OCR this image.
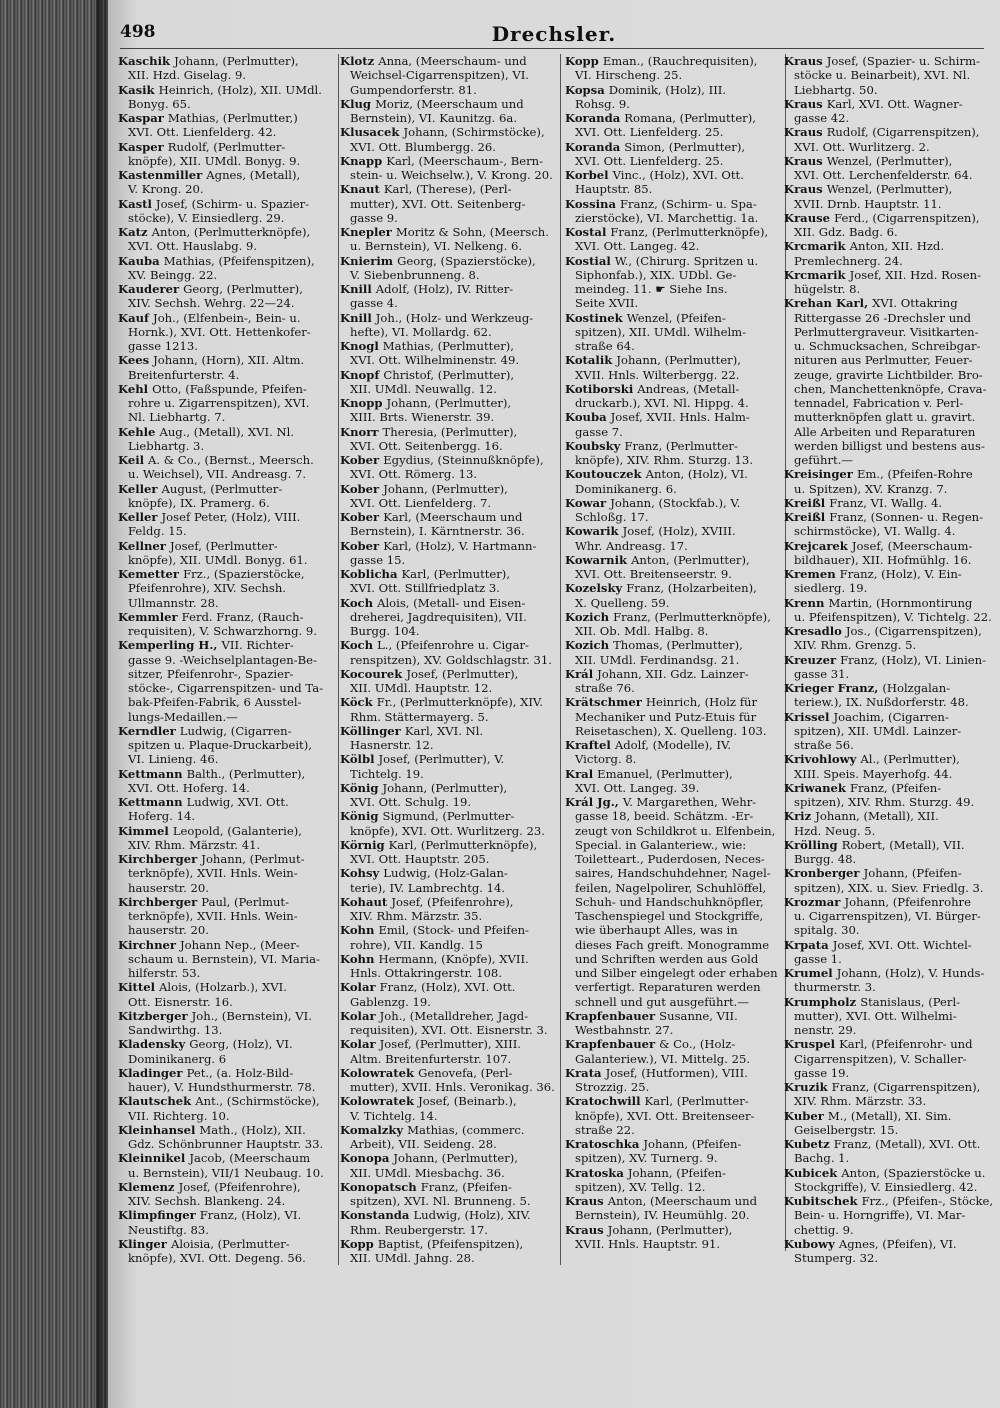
498	Drechsler.
Kaschik Johann, (Perlmutter),
XII. Hzd. Giselag. 9.
Kasik Heinrich, (Holz), XII. UMdl.
Bonyg. 65.
Kaspar Mathias, (Perlmutter,)
XVI. Ott. Lienfelderg. 42.
Kasper Rudolf, (Perlmutter-
knöpfe), XII. UMdl. Bonyg. 9.
Kastenmiller Agnes, (Metall),
V. Krong. 20.
Kastl Josef, (Schirm- u. Spazier-
stöcke), V. Einsiedlerg. 29.
Katz Anton, (Perlmutterknöpfe),
XVI. Ott. Hauslabg. 9.
Kauba Mathias, (Pfeifenspitzen),
XV. Beingg. 22.
Kauderer Georg, (Perlmutter),
XIV. Sechsh. Wehrg. 22—24.
Kauf Joh., (Elfenbein-, Bein- u.
Hornk.), XVI. Ott. Hettenkofer-
gasse 1213.
Kees Johann, (Horn), XII. Altm.
Breitenfurterstr. 4.
Kehl Otto, (Faßspunde, Pfeifen-
rohre u. Zigarrenspitzen), XVI.
Nl. Liebhartg. 7.
Kehle Aug., (Metall), XVI. Nl.
Liebhartg. 3.
Keil A. & Co., (Bernst., Meersch.
u. Weichsel), VII. Andreasg. 7.
Keller August, (Perlmutter-
knöpfe), IX. Pramerg. 6.
Keller Josef Peter, (Holz), VIII.
Feldg. 15.
Kellner Josef, (Perlmutter-
knöpfe), XII. UMdl. Bonyg. 61.
Kemetter Frz., (Spazierstöcke,
Pfeifenrohre), XIV. Sechsh.
Ullmannstr. 28.
Kemmler Ferd. Franz, (Rauch-
requisiten), V. Schwarzhorng. 9.
Kemperling H., VII. Richter-
gasse 9. -Weichselplantagen-Be-
sitzer, Pfeifenrohr-, Spazier-
stöcke-, Cigarrenspitzen- und Ta-
bak-Pfeifen-Fabrik, 6 Ausstel-
lungs-Medaillen.—
Kerndler Ludwig, (Cigarren-
spitzen u. Plaque-Druckarbeit),
VI. Linieng. 46.
Kettmann Balth., (Perlmutter),
XVI. Ott. Hoferg. 14.
Kettmann Ludwig, XVI. Ott.
Hoferg. 14.
Kimmel Leopold, (Galanterie),
XIV. Rhm. Märzstr. 41.
Kirchberger Johann, (Perlmut-
terknöpfe), XVII. Hnls. Wein-
hauserstr. 20.
Kirchberger Paul, (Perlmut-
terknöpfe), XVII. Hnls. Wein-
hauserstr. 20.
Kirchner Johann Nep., (Meer-
schaum u. Bernstein), VI. Maria-
hilferstr. 53.
Kittel Alois, (Holzarb.), XVI.
Ott. Eisnerstr. 16.
Kitzberger Joh., (Bernstein), VI.
Sandwirthg. 13.
Kladensky Georg, (Holz), VI.
Dominikanerg. 6
Kladinger Pet., (a. Holz-Bild-
hauer), V. Hundsthurmerstr. 78.
Klautschek Ant., (Schirmstöcke),
VII. Richterg. 10.
Kleinhansel Math., (Holz), XII.
Gdz. Schönbrunner Hauptstr. 33.
Kleinnikel Jacob, (Meerschaum
u. Bernstein), VII/1 Neubaug. 10.
Klemenz Josef, (Pfeifenrohre),
XIV. Sechsh. Blankeng. 24.
Klimpfinger Franz, (Holz), VI.
Neustiftg. 83.
Klinger Aloisia, (Perlmutter-
knöpfe), XVI. Ott. Degeng. 56.
Klotz Anna, (Meerschaum- und
Weichsel-Cigarrenspitzen), VI.
Gumpendorferstr. 81.
Klug Moriz, (Meerschaum und
Bernstein), VI. Kaunitzg. 6a.
Klusacek Johann, (Schirmstöcke),
XVI. Ott. Blumbergg. 26.
Knapp Karl, (Meerschaum-, Bern-
stein- u. Weichselw.), V. Krong. 20.
Knaut Karl, (Therese), (Perl-
mutter), XVI. Ott. Seitenberg-
gasse 9.
Knepler Moritz & Sohn, (Meersch.
u. Bernstein), VI. Nelkeng. 6.
Knierim Georg, (Spazierstöcke),
V. Siebenbrunneng. 8.
Knill Adolf, (Holz), IV. Ritter-
gasse 4.
Knill Joh., (Holz- und Werkzeug-
hefte), VI. Mollardg. 62.
Knogl Mathias, (Perlmutter),
XVI. Ott. Wilhelminenstr. 49.
Knopf Christof, (Perlmutter),
XII. UMdl. Neuwallg. 12.
Knopp Johann, (Perlmutter),
XIII. Brts. Wienerstr. 39.
Knorr Theresia, (Perlmutter),
XVI. Ott. Seitenbergg. 16.
Kober Egydius, (Steinnußknöpfe),
XVI. Ott. Römerg. 13.
Kober Johann, (Perlmutter),
XVI. Ott. Lienfelderg. 7.
Kober Karl, (Meerschaum und
Bernstein), I. Kärntnerstr. 36.
Kober Karl, (Holz), V. Hartmann-
gasse 15.
Koblicha Karl, (Perlmutter),
XVI. Ott. Stillfriedplatz 3.
Koch Alois, (Metall- und Eisen-
dreherei, Jagdrequisiten), VII.
Burgg. 104.
Koch L., (Pfeifenrohre u. Cigar-
renspitzen), XV. Goldschlagstr. 31.
Kocourek Josef, (Perlmutter),
XII. UMdl. Hauptstr. 12.
Köck Fr., (Perlmutterknöpfe), XIV.
Rhm. Stättermayerg. 5.
Köllinger Karl, XVI. Nl.
Hasnerstr. 12.
Kölbl Josef, (Perlmutter), V.
Tichtelg. 19.
König Johann, (Perlmutter),
XVI. Ott. Schulg. 19.
König Sigmund, (Perlmutter-
knöpfe), XVI. Ott. Wurlitzerg. 23.
Körnig Karl, (Perlmutterknöpfe),
XVI. Ott. Hauptstr. 205.
Kohsy Ludwig, (Holz-Galan-
terie), IV. Lambrechtg. 14.
Kohaut Josef, (Pfeifenrohre),
XIV. Rhm. Märzstr. 35.
Kohn Emil, (Stock- und Pfeifen-
rohre), VII. Kandlg. 15
Kohn Hermann, (Knöpfe), XVII.
Hnls. Ottakringerstr. 108.
Kolar Franz, (Holz), XVI. Ott.
Gablenzg. 19.
Kolar Joh., (Metalldreher, Jagd-
requisiten), XVI. Ott. Eisnerstr. 3.
Kolar Josef, (Perlmutter), XIII.
Altm. Breitenfurterstr. 107.
Kolowratek Genovefa, (Perl-
mutter), XVII. Hnls. Veronikag. 36.
Kolowratek Josef, (Beinarb.),
V. Tichtelg. 14.
Komalzky Mathias, (commerc.
Arbeit), VII. Seideng. 28.
Konopa Johann, (Perlmutter),
XII. UMdl. Miesbachg. 36.
Konopatsch Franz, (Pfeifen-
spitzen), XVI. Nl. Brunneng. 5.
Konstanda Ludwig, (Holz), XIV.
Rhm. Reubergerstr. 17.
Kopp Baptist, (Pfeifenspitzen),
XII. UMdl. Jahng. 28.
Kopp Eman., (Rauchrequisiten),
VI. Hirscheng. 25.
Kopsa Dominik, (Holz), III.
Rohsg. 9.
Koranda Romana, (Perlmutter),
XVI. Ott. Lienfelderg. 25.
Koranda Simon, (Perlmutter),
XVI. Ott. Lienfelderg. 25.
Korbel Vinc., (Holz), XVI. Ott.
Hauptstr. 85.
Kossina Franz, (Schirm- u. Spa-
zierstöcke), VI. Marchettig. 1a.
Kostal Franz, (Perlmutterknöpfe),
XVI. Ott. Langeg. 42.
Kostial W., (Chirurg. Spritzen u.
Siphonfab.), XIX. UDbl. Ge-
meindeg. 11. ☛ Siehe Ins.
Seite XVII.
Kostinek Wenzel, (Pfeifen-
spitzen), XII. UMdl. Wilhelm-
straße 64.
Kotalik Johann, (Perlmutter),
XVII. Hnls. Wilterbergg. 22.
Kotiborski Andreas, (Metall-
druckarb.), XVI. Nl. Hippg. 4.
Kouba Josef, XVII. Hnls. Halm-
gasse 7.
Koubsky Franz, (Perlmutter-
knöpfe), XIV. Rhm. Sturzg. 13.
Koutouczek Anton, (Holz), VI.
Dominikanerg. 6.
Kowar Johann, (Stockfab.), V.
Schloßg. 17.
Kowarik Josef, (Holz), XVIII.
Whr. Andreasg. 17.
Kowarnik Anton, (Perlmutter),
XVI. Ott. Breitenseerstr. 9.
Kozelsky Franz, (Holzarbeiten),
X. Quelleng. 59.
Kozich Franz, (Perlmutterknöpfe),
XII. Ob. Mdl. Halbg. 8.
Kozich Thomas, (Perlmutter),
XII. UMdl. Ferdinandsg. 21.
Král Johann, XII. Gdz. Lainzer-
straße 76.
Krätschmer Heinrich, (Holz für
Mechaniker und Putz-Etuis für
Reisetaschen), X. Quelleng. 103.
Kraftel Adolf, (Modelle), IV.
Victorg. 8.
Kral Emanuel, (Perlmutter),
XVI. Ott. Langeg. 39.
Král Jg., V. Margarethen, Wehr-
gasse 18, beeid. Schätzm. -Er-
zeugt von Schildkrot u. Elfenbein,
Special. in Galanteriew., wie:
Toiletteart., Puderdosen, Neces-
saires, Handschuhdehner, Nagel-
feilen, Nagelpolirer, Schuhlöffel,
Schuh- und Handschuhknöpfler,
Taschenspiegel und Stockgriffe,
wie überhaupt Alles, was in
dieses Fach greift. Monogramme
und Schriften werden aus Gold
und Silber eingelegt oder erhaben
verfertigt. Reparaturen werden
schnell und gut ausgeführt.—
Krapfenbauer Susanne, VII.
Westbahnstr. 27.
Krapfenbauer & Co., (Holz-
Galanteriew.), VI. Mittelg. 25.
Krata Josef, (Hutformen), VIII.
Strozzig. 25.
Kratochwill Karl, (Perlmutter-
knöpfe), XVI. Ott. Breitenseer-
straße 22.
Kratoschka Johann, (Pfeifen-
spitzen), XV. Turnerg. 9.
Kratoska Johann, (Pfeifen-
spitzen), XV. Tellg. 12.
Kraus Anton, (Meerschaum und
Bernstein), IV. Heumühlg. 20.
Kraus Johann, (Perlmutter),
XVII. Hnls. Hauptstr. 91.
Kraus Josef, (Spazier- u. Schirm-
stöcke u. Beinarbeit), XVI. Nl.
Liebhartg. 50.
Kraus Karl, XVI. Ott. Wagner-
gasse 42.
Kraus Rudolf, (Cigarrenspitzen),
XVI. Ott. Wurlitzerg. 2.
Kraus Wenzel, (Perlmutter),
XVI. Ott. Lerchenfelderstr. 64.
Kraus Wenzel, (Perlmutter),
XVII. Drnb. Hauptstr. 11.
Krause Ferd., (Cigarrenspitzen),
XII. Gdz. Badg. 6.
Krcmarik Anton, XII. Hzd.
Premlechnerg. 24.
Krcmarik Josef, XII. Hzd. Rosen-
hügelstr. 8.
Krehan Karl, XVI. Ottakring
Rittergasse 26 -Drechsler und
Perlmuttergraveur. Visitkarten-
u. Schmucksachen, Schreibgar-
nituren aus Perlmutter, Feuer-
zeuge, gravirte Lichtbilder. Bro-
chen, Manchettenknöpfe, Crava-
tennadel, Fabrication v. Perl-
mutterknöpfen glatt u. gravirt.
Alle Arbeiten und Reparaturen
werden billigst und bestens aus-
geführt.—
Kreisinger Em., (Pfeifen-Rohre
u. Spitzen), XV. Kranzg. 7.
Kreißl Franz, VI. Wallg. 4.
Kreißl Franz, (Sonnen- u. Regen-
schirmstöcke), VI. Wallg. 4.
Krejcarek Josef, (Meerschaum-
bildhauer), XII. Hofmühlg. 16.
Kremen Franz, (Holz), V. Ein-
siedlerg. 19.
Krenn Martin, (Hornmontirung
u. Pfeifenspitzen), V. Tichtelg. 22.
Kresadlo Jos., (Cigarrenspitzen),
XIV. Rhm. Grenzg. 5.
Kreuzer Franz, (Holz), VI. Linien-
gasse 31.
Krieger Franz, (Holzgalan-
teriew.), IX. Nußdorferstr. 48.
Krissel Joachim, (Cigarren-
spitzen), XII. UMdl. Lainzer-
straße 56.
Krivohlowy Al., (Perlmutter),
XIII. Speis. Mayerhofg. 44.
Kriwanek Franz, (Pfeifen-
spitzen), XIV. Rhm. Sturzg. 49.
Kriz Johann, (Metall), XII.
Hzd. Neug. 5.
Krölling Robert, (Metall), VII.
Burgg. 48.
Kronberger Johann, (Pfeifen-
spitzen), XIX. u. Siev. Friedlg. 3.
Krozmar Johann, (Pfeifenrohre
u. Cigarrenspitzen), VI. Bürger-
spitalg. 30.
Krpata Josef, XVI. Ott. Wichtel-
gasse 1.
Krumel Johann, (Holz), V. Hunds-
thurmerstr. 3.
Krumpholz Stanislaus, (Perl-
mutter), XVI. Ott. Wilhelmi-
nenstr. 29.
Kruspel Karl, (Pfeifenrohr- und
Cigarrenspitzen), V. Schaller-
gasse 19.
Kruzik Franz, (Cigarrenspitzen),
XIV. Rhm. Märzstr. 33.
Kuber M., (Metall), XI. Sim.
Geiselbergstr. 15.
Kubetz Franz, (Metall), XVI. Ott.
Bachg. 1.
Kubicek Anton, (Spazierstöcke u.
Stockgriffe), V. Einsiedlerg. 42.
Kubitschek Frz., (Pfeifen-, Stöcke,
Bein- u. Horngriffe), VI. Mar-
chettig. 9.
Kubowy Agnes, (Pfeifen), VI.
Stumperg. 32.
